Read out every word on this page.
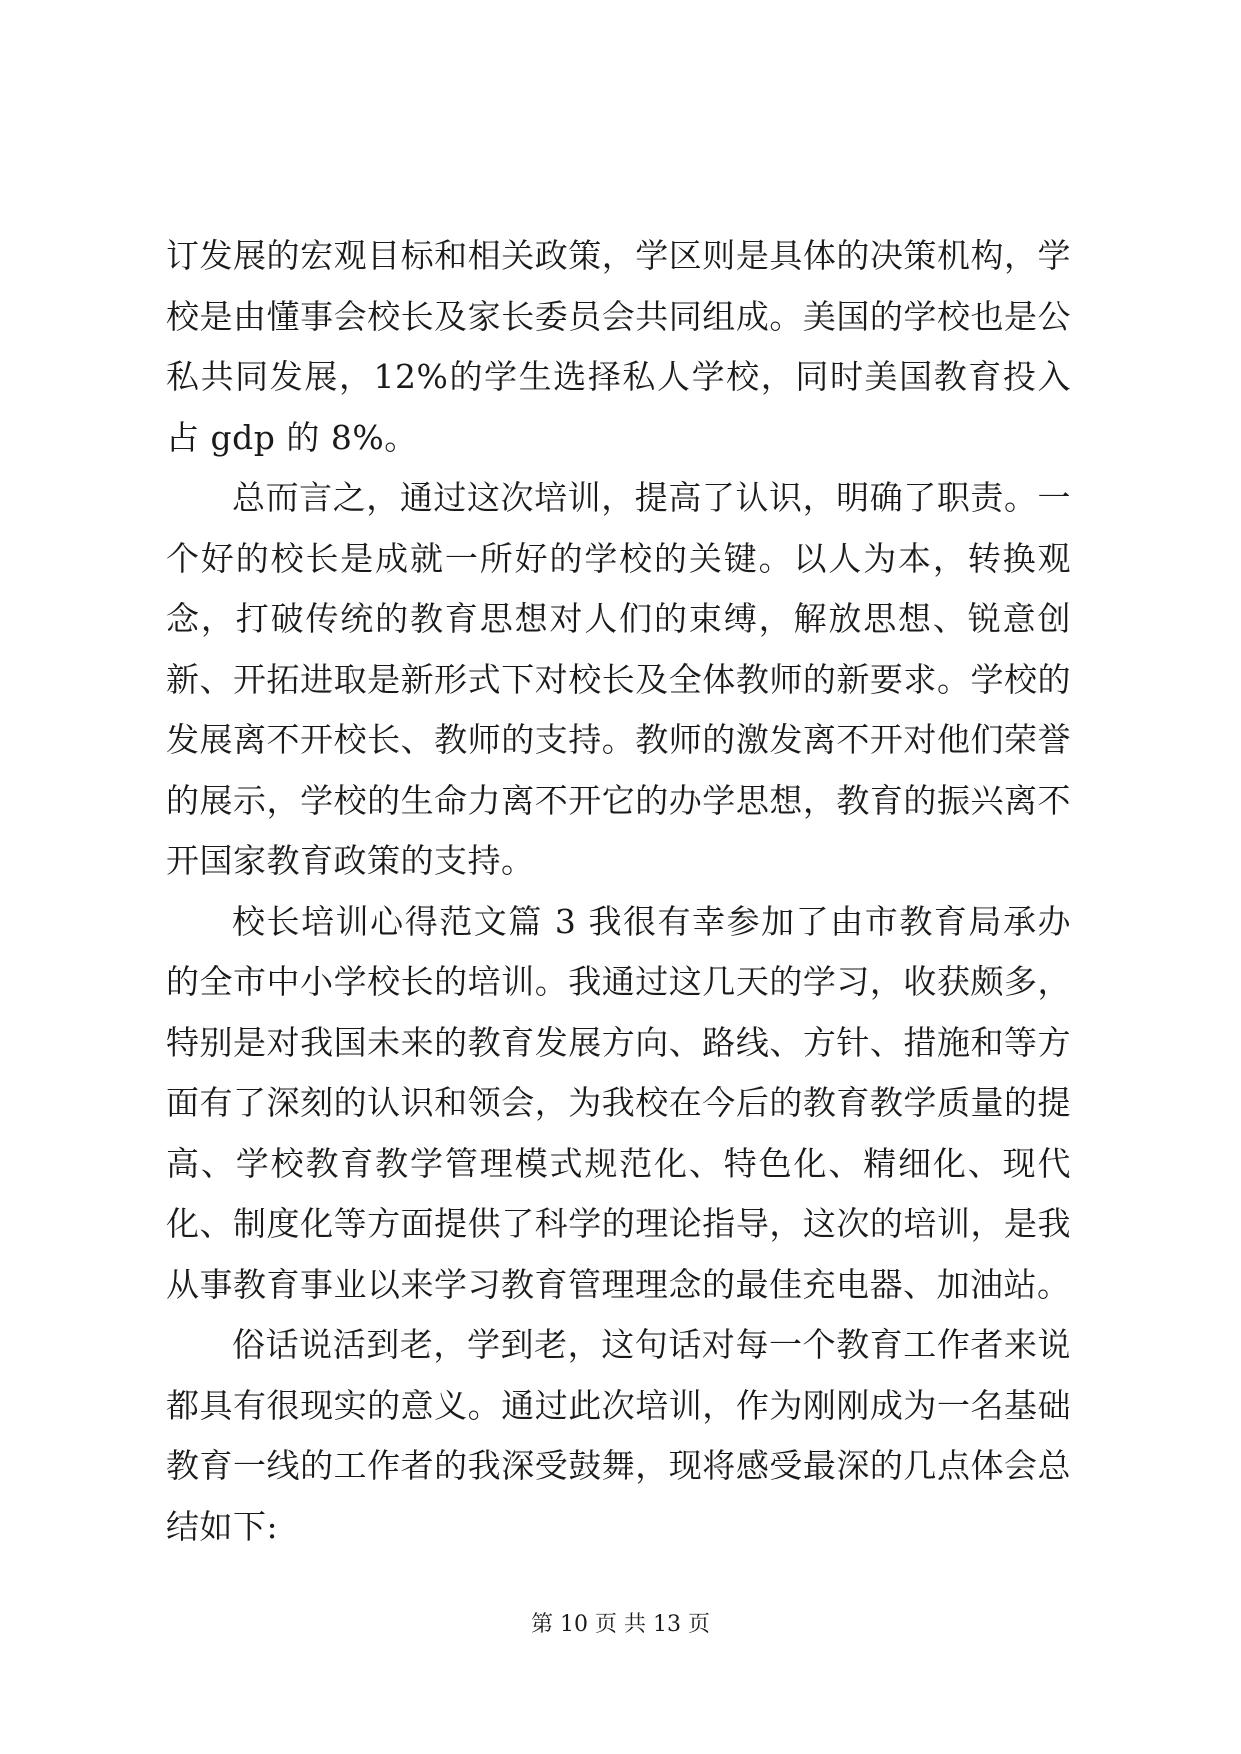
订发展的宏观目标和相关政策，学区则是具体的决策机构，学校是由懂事会校长及家长委员会共同组成。美国的学校也是公私共同发展，12%的学生选择私人学校，同时美国教育投入占 gdp 的 8%。

总而言之，通过这次培训，提高了认识，明确了职责。一个好的校长是成就一所好的学校的关键。以人为本，转换观念，打破传统的教育思想对人们的束缚，解放思想、锐意创新、开拓进取是新形式下对校长及全体教师的新要求。学校的发展离不开校长、教师的支持。教师的激发离不开对他们荣誉的展示，学校的生命力离不开它的办学思想，教育的振兴离不开国家教育政策的支持。

校长培训心得范文篇 3 我很有幸参加了由市教育局承办的全市中小学校长的培训。我通过这几天的学习，收获颇多，特别是对我国未来的教育发展方向、路线、方针、措施和等方面有了深刻的认识和领会，为我校在今后的教育教学质量的提高、学校教育教学管理模式规范化、特色化、精细化、现代化、制度化等方面提供了科学的理论指导，这次的培训，是我从事教育事业以来学习教育管理理念的最佳充电器、加油站。

俗话说活到老，学到老，这句话对每一个教育工作者来说都具有很现实的意义。通过此次培训，作为刚刚成为一名基础教育一线的工作者的我深受鼓舞，现将感受最深的几点体会总结如下:

第 10 页 共 13 页
